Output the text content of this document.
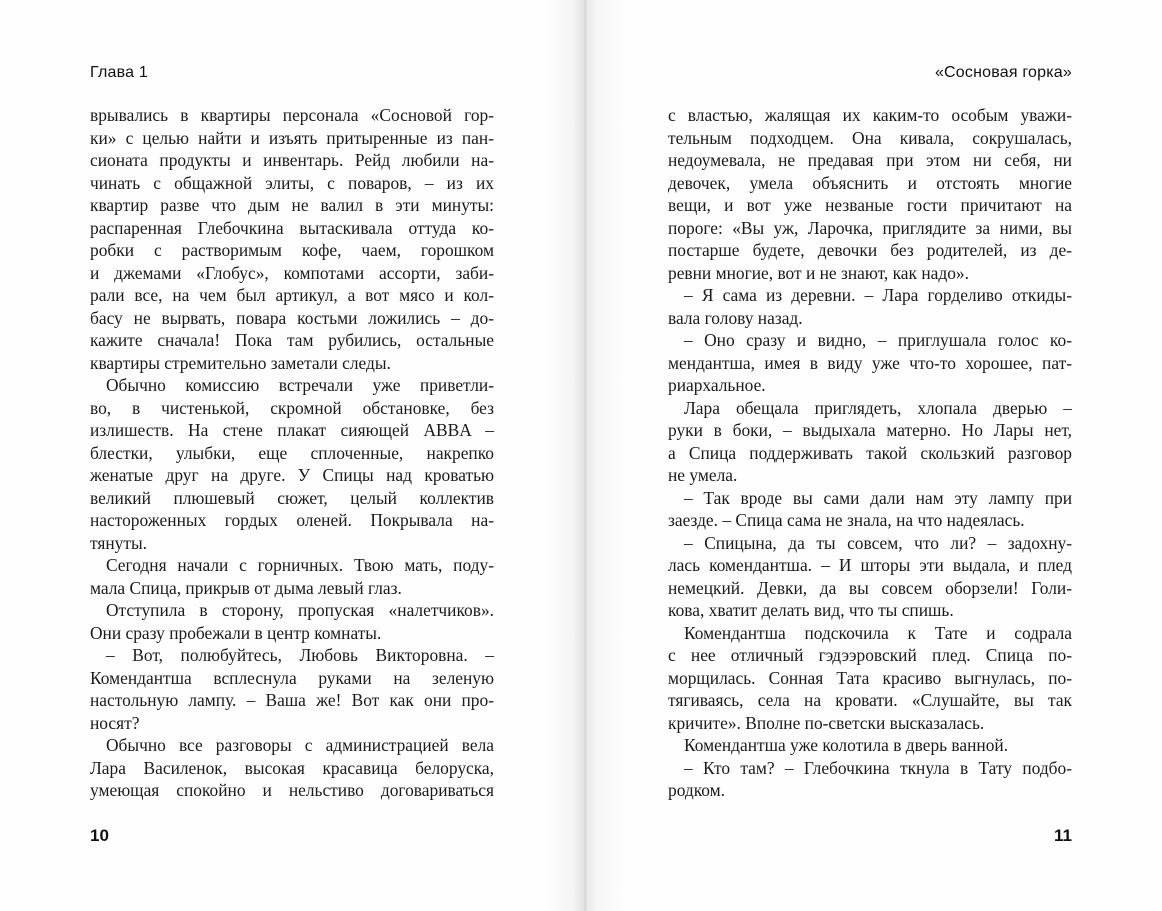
Глава 1
врывались в квартиры персонала «Сосновой гор-
ки» с целью найти и изъять притыренные из пан-
сионата продукты и инвентарь. Рейд любили на-
чинать с общажной элиты, с поваров, – из их
квартир разве что дым не валил в эти минуты:
распаренная Глебочкина вытаскивала оттуда ко-
робки с растворимым кофе, чаем, горошком
и джемами «Глобус», компотами ассорти, заби-
рали все, на чем был артикул, а вот мясо и кол-
басу не вырвать, повара костьми ложились – до-
кажите сначала! Пока там рубились, остальные
квартиры стремительно заметали следы.
Обычно комиссию встречали уже приветли-
во, в чистенькой, скромной обстановке, без
излишеств. На стене плакат сияющей ABBA –
блестки, улыбки, еще сплоченные, накрепко
женатые друг на друге. У Спицы над кроватью
великий плюшевый сюжет, целый коллектив
настороженных гордых оленей. Покрывала на-
тянуты.
Сегодня начали с горничных. Твою мать, поду-
мала Спица, прикрыв от дыма левый глаз.
Отступила в сторону, пропуская «налетчиков».
Они сразу пробежали в центр комнаты.
– Вот, полюбуйтесь, Любовь Викторовна. –
Комендантша всплеснула руками на зеленую
настольную лампу. – Ваша же! Вот как они про-
носят?
Обычно все разговоры с администрацией вела
Лара Василенок, высокая красавица белоруска,
умеющая спокойно и нельстиво договариваться
10
«Сосновая горка»
с властью, жалящая их каким-то особым уважи-
тельным подходцем. Она кивала, сокрушалась,
недоумевала, не предавая при этом ни себя, ни
девочек, умела объяснить и отстоять многие
вещи, и вот уже незваные гости причитают на
пороге: «Вы уж, Ларочка, приглядите за ними, вы
постарше будете, девочки без родителей, из де-
ревни многие, вот и не знают, как надо».
– Я сама из деревни. – Лара горделиво откиды-
вала голову назад.
– Оно сразу и видно, – приглушала голос ко-
мендантша, имея в виду уже что-то хорошее, пат-
риархальное.
Лара обещала приглядеть, хлопала дверью –
руки в боки, – выдыхала матерно. Но Лары нет,
а Спица поддерживать такой скользкий разговор
не умела.
– Так вроде вы сами дали нам эту лампу при
заезде. – Спица сама не знала, на что надеялась.
– Спицына, да ты совсем, что ли? – задохну-
лась комендантша. – И шторы эти выдала, и плед
немецкий. Девки, да вы совсем оборзели! Голи-
кова, хватит делать вид, что ты спишь.
Комендантша подскочила к Тате и содрала
с нее отличный гэдээровский плед. Спица по-
морщилась. Сонная Тата красиво выгнулась, по-
тягиваясь, села на кровати. «Слушайте, вы так
кричите». Вполне по-светски высказалась.
Комендантша уже колотила в дверь ванной.
– Кто там? – Глебочкина ткнула в Тату подбо-
родком.
11
